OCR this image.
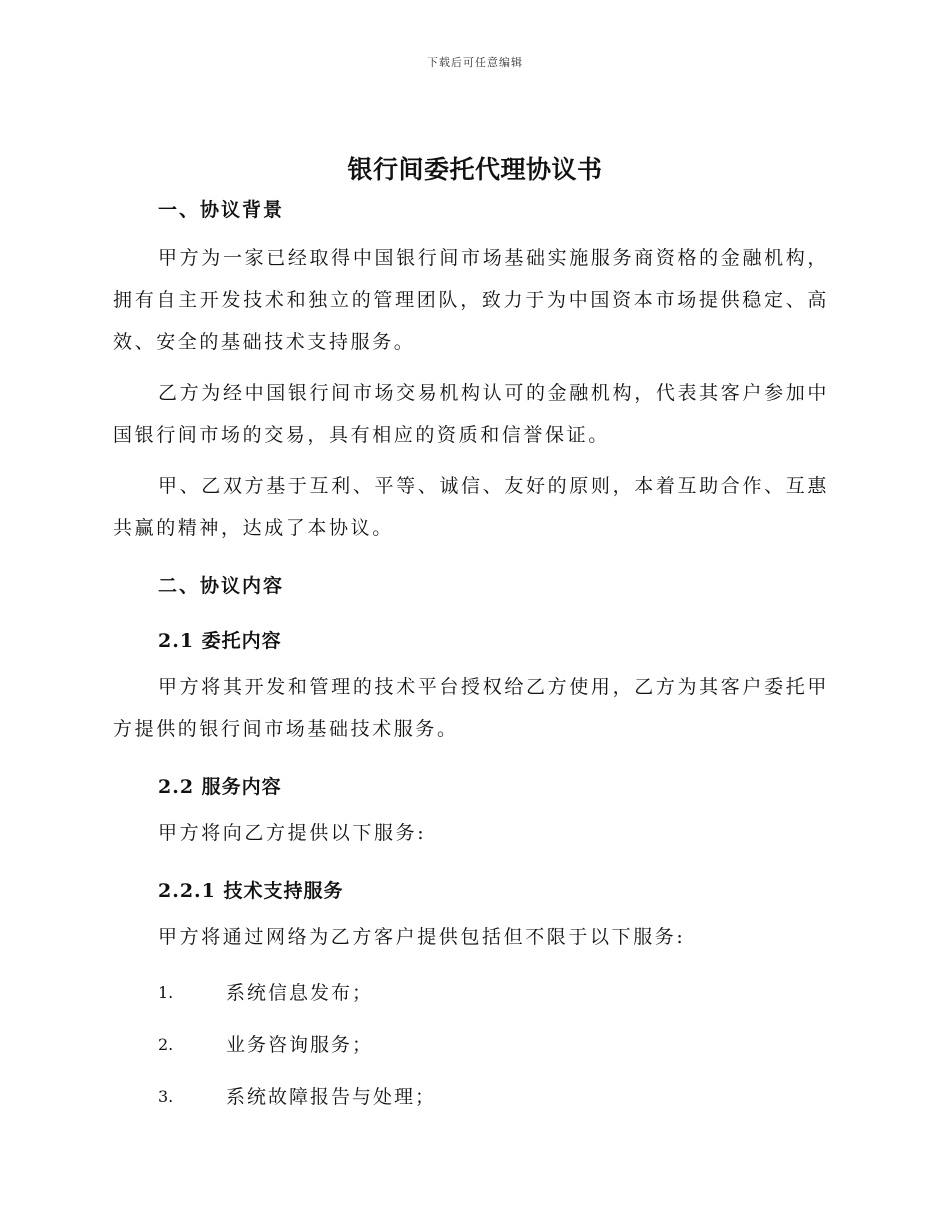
下载后可任意编辑
银行间委托代理协议书
一、协议背景
甲方为一家已经取得中国银行间市场基础实施服务商资格的金融机构，拥有自主开发技术和独立的管理团队，致力于为中国资本市场提供稳定、高效、安全的基础技术支持服务。
乙方为经中国银行间市场交易机构认可的金融机构，代表其客户参加中国银行间市场的交易，具有相应的资质和信誉保证。
甲、乙双方基于互利、平等、诚信、友好的原则，本着互助合作、互惠共赢的精神，达成了本协议。
二、协议内容
2.1 委托内容
甲方将其开发和管理的技术平台授权给乙方使用，乙方为其客户委托甲方提供的银行间市场基础技术服务。
2.2 服务内容
甲方将向乙方提供以下服务:
2.2.1 技术支持服务
甲方将通过网络为乙方客户提供包括但不限于以下服务:
1.	系统信息发布；
2.	业务咨询服务；
3.	系统故障报告与处理；
